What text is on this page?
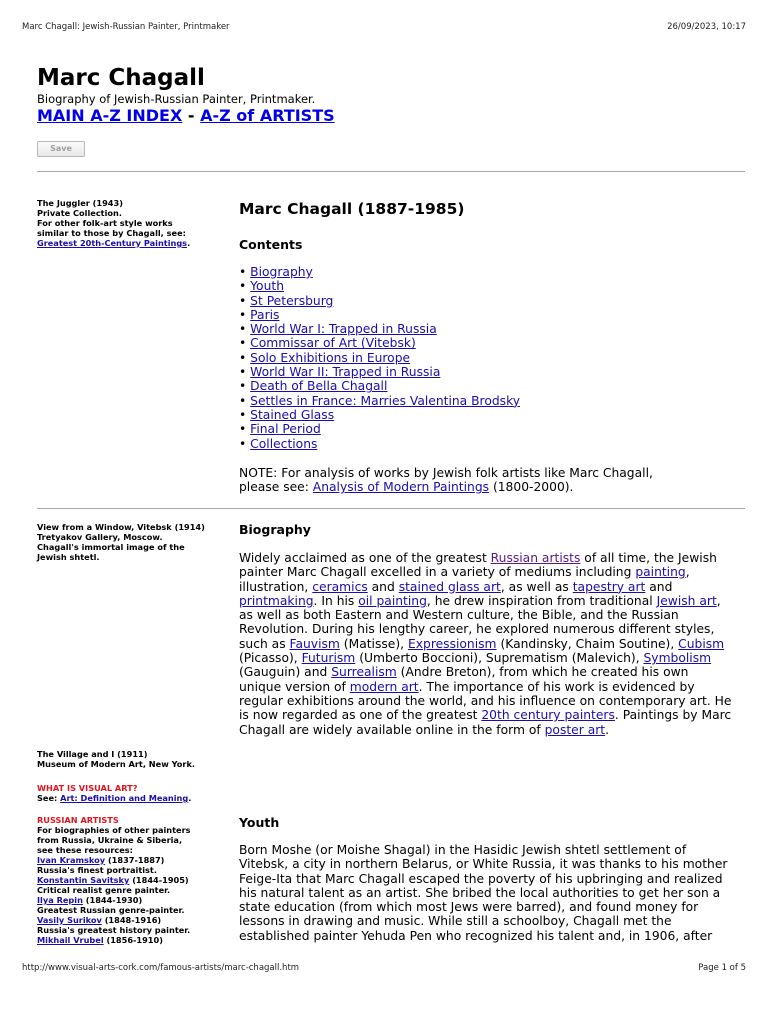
Marc Chagall: Jewish-Russian Painter, Printmaker	26/09/2023, 10:17
Marc Chagall
Biography of Jewish-Russian Painter, Printmaker.
MAIN A-Z INDEX - A-Z of ARTISTS
Save
The Juggler (1943)
Private Collection.
For other folk-art style works
similar to those by Chagall, see:
Greatest 20th-Century Paintings.
Marc Chagall (1887-1985)
Contents
• Biography
• Youth
• St Petersburg
• Paris
• World War I: Trapped in Russia
• Commissar of Art (Vitebsk)
• Solo Exhibitions in Europe
• World War II: Trapped in Russia
• Death of Bella Chagall
• Settles in France: Marries Valentina Brodsky
• Stained Glass
• Final Period
• Collections
NOTE: For analysis of works by Jewish folk artists like Marc Chagall,
please see: Analysis of Modern Paintings (1800-2000).
View from a Window, Vitebsk (1914)
Tretyakov Gallery, Moscow.
Chagall's immortal image of the
Jewish shtetl.
Biography
Widely acclaimed as one of the greatest Russian artists of all time, the Jewish
painter Marc Chagall excelled in a variety of mediums including painting,
illustration, ceramics and stained glass art, as well as tapestry art and
printmaking. In his oil painting, he drew inspiration from traditional Jewish art,
as well as both Eastern and Western culture, the Bible, and the Russian
Revolution. During his lengthy career, he explored numerous different styles,
such as Fauvism (Matisse), Expressionism (Kandinsky, Chaim Soutine), Cubism
(Picasso), Futurism (Umberto Boccioni), Suprematism (Malevich), Symbolism
(Gauguin) and Surrealism (Andre Breton), from which he created his own
unique version of modern art. The importance of his work is evidenced by
regular exhibitions around the world, and his influence on contemporary art. He
is now regarded as one of the greatest 20th century painters. Paintings by Marc
Chagall are widely available online in the form of poster art.
The Village and I (1911)
Museum of Modern Art, New York.
WHAT IS VISUAL ART?
See: Art: Definition and Meaning.
RUSSIAN ARTISTS
For biographies of other painters
from Russia, Ukraine & Siberia,
see these resources:
Ivan Kramskoy (1837-1887)
Russia's finest portraitist.
Konstantin Savitsky (1844-1905)
Critical realist genre painter.
Ilya Repin (1844-1930)
Greatest Russian genre-painter.
Vasily Surikov (1848-1916)
Russia's greatest history painter.
Mikhail Vrubel (1856-1910)
Youth
Born Moshe (or Moishe Shagal) in the Hasidic Jewish shtetl settlement of
Vitebsk, a city in northern Belarus, or White Russia, it was thanks to his mother
Feige-Ita that Marc Chagall escaped the poverty of his upbringing and realized
his natural talent as an artist. She bribed the local authorities to get her son a
state education (from which most Jews were barred), and found money for
lessons in drawing and music. While still a schoolboy, Chagall met the
established painter Yehuda Pen who recognized his talent and, in 1906, after
http://www.visual-arts-cork.com/famous-artists/marc-chagall.htm	Page 1 of 5
